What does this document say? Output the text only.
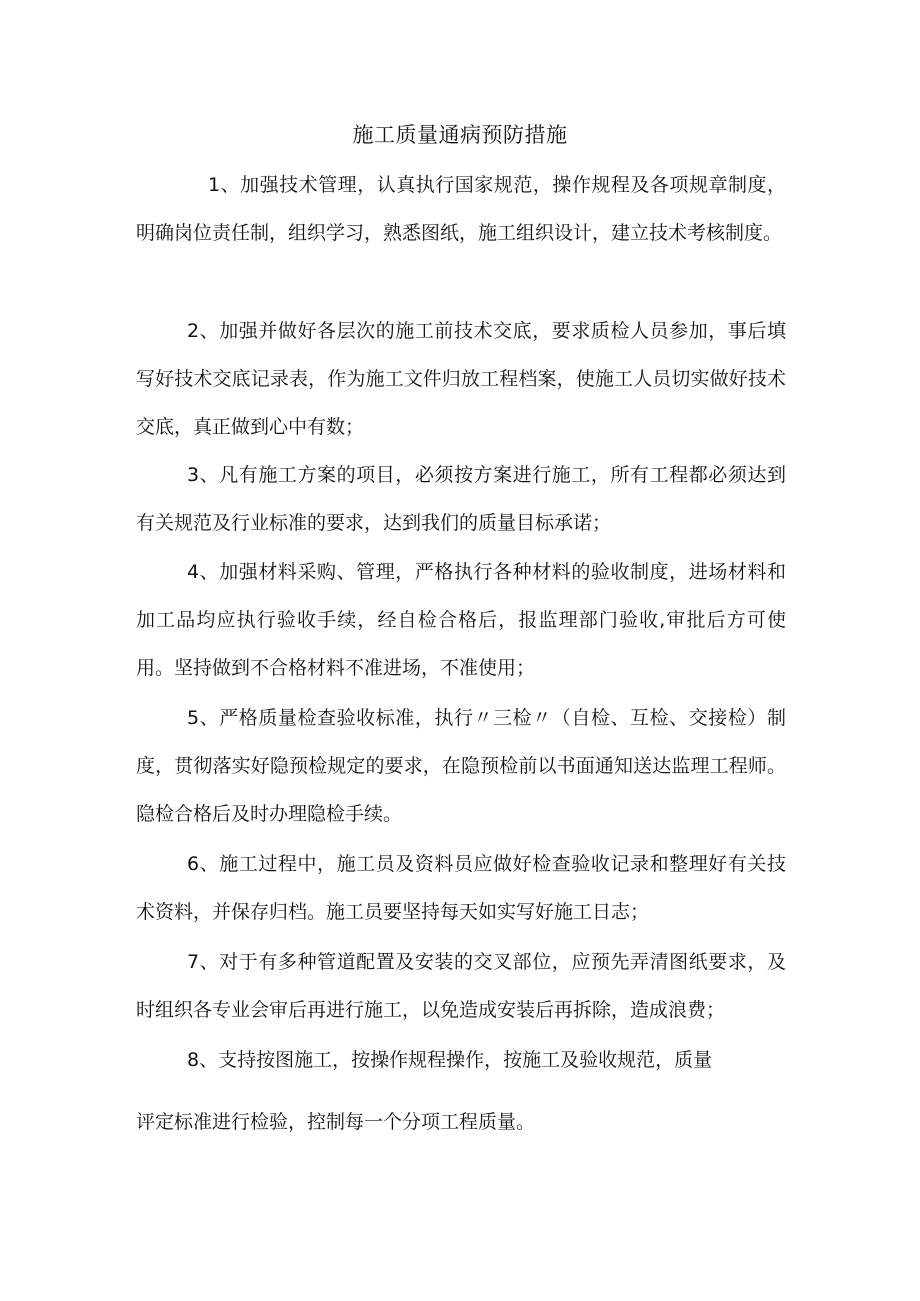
施工质量通病预防措施
1、加强技术管理，认真执行国家规范，操作规程及各项规章制度，明确岗位责任制，组织学习，熟悉图纸，施工组织设计，建立技术考核制度。
2、加强并做好各层次的施工前技术交底，要求质检人员参加，事后填写好技术交底记录表，作为施工文件归放工程档案，使施工人员切实做好技术交底，真正做到心中有数；
3、凡有施工方案的项目，必须按方案进行施工，所有工程都必须达到有关规范及行业标准的要求，达到我们的质量目标承诺；
4、加强材料采购、管理，严格执行各种材料的验收制度，进场材料和加工品均应执行验收手续，经自检合格后，报监理部门验收,审批后方可使用。坚持做到不合格材料不准进场，不准使用；
5、严格质量检查验收标准，执行〃三检〃（自检、互检、交接检）制度，贯彻落实好隐预检规定的要求，在隐预检前以书面通知送达监理工程师。隐检合格后及时办理隐检手续。
6、施工过程中，施工员及资料员应做好检查验收记录和整理好有关技术资料，并保存归档。施工员要坚持每天如实写好施工日志；
7、对于有多种管道配置及安装的交叉部位，应预先弄清图纸要求，及时组织各专业会审后再进行施工，以免造成安装后再拆除，造成浪费；
8、支持按图施工，按操作规程操作，按施工及验收规范，质量
评定标准进行检验，控制每一个分项工程质量。
